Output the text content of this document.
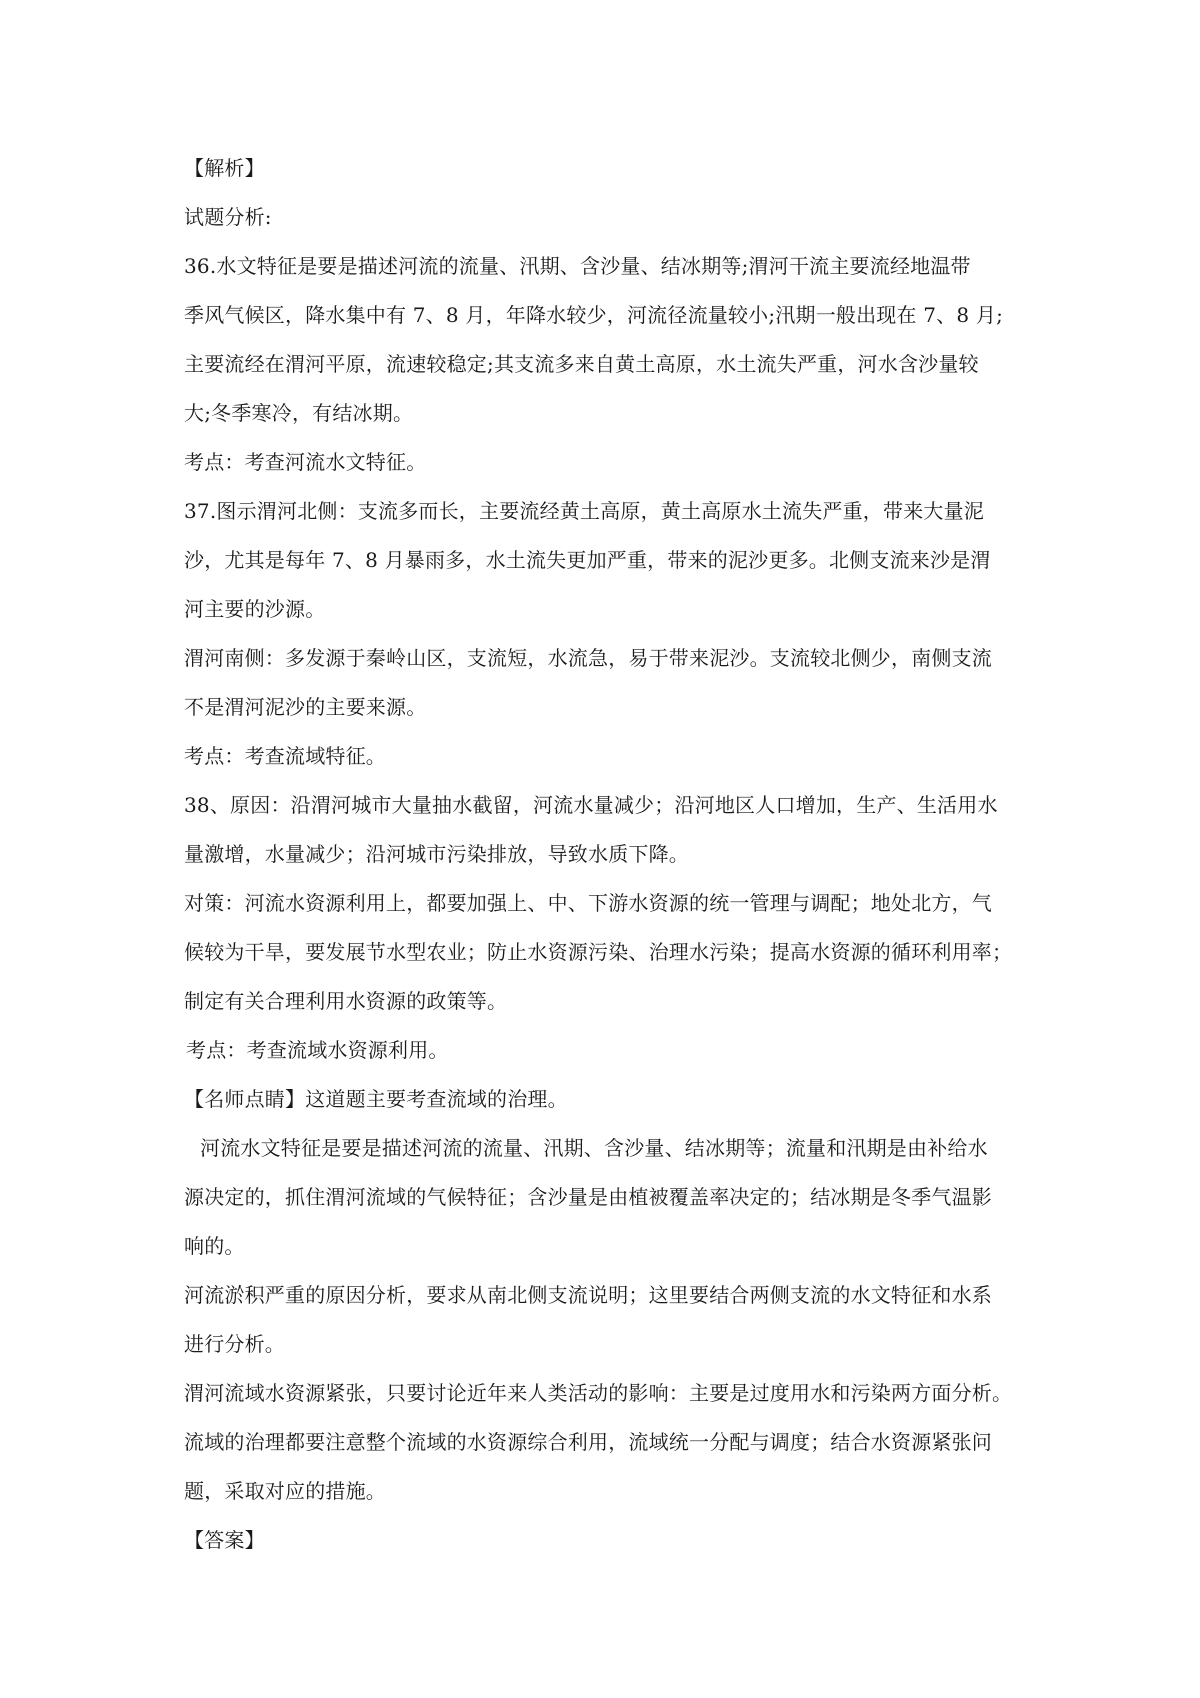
【解析】
试题分析:
36.水文特征是要是描述河流的流量、汛期、含沙量、结冰期等;渭河干流主要流经地温带
季风气候区，降水集中有 7、8 月，年降水较少，河流径流量较小;汛期一般出现在 7、8 月;
主要流经在渭河平原，流速较稳定;其支流多来自黄土高原，水土流失严重，河水含沙量较
大;冬季寒冷，有结冰期。
考点：考查河流水文特征。
37.图示渭河北侧：支流多而长，主要流经黄土高原，黄土高原水土流失严重，带来大量泥
沙，尤其是每年 7、8 月暴雨多，水土流失更加严重，带来的泥沙更多。北侧支流来沙是渭
河主要的沙源。
渭河南侧：多发源于秦岭山区，支流短，水流急，易于带来泥沙。支流较北侧少，南侧支流
不是渭河泥沙的主要来源。
考点：考查流域特征。
38、原因：沿渭河城市大量抽水截留，河流水量减少；沿河地区人口增加，生产、生活用水
量激增，水量减少；沿河城市污染排放，导致水质下降。
对策：河流水资源利用上，都要加强上、中、下游水资源的统一管理与调配；地处北方，气
候较为干旱，要发展节水型农业；防止水资源污染、治理水污染；提高水资源的循环利用率；
制定有关合理利用水资源的政策等。
考点：考查流域水资源利用。
【名师点睛】这道题主要考查流域的治理。
河流水文特征是要是描述河流的流量、汛期、含沙量、结冰期等；流量和汛期是由补给水
源决定的，抓住渭河流域的气候特征；含沙量是由植被覆盖率决定的；结冰期是冬季气温影
响的。
河流淤积严重的原因分析，要求从南北侧支流说明；这里要结合两侧支流的水文特征和水系
进行分析。
渭河流域水资源紧张，只要讨论近年来人类活动的影响：主要是过度用水和污染两方面分析。
流域的治理都要注意整个流域的水资源综合利用，流域统一分配与调度；结合水资源紧张问
题，采取对应的措施。
【答案】
